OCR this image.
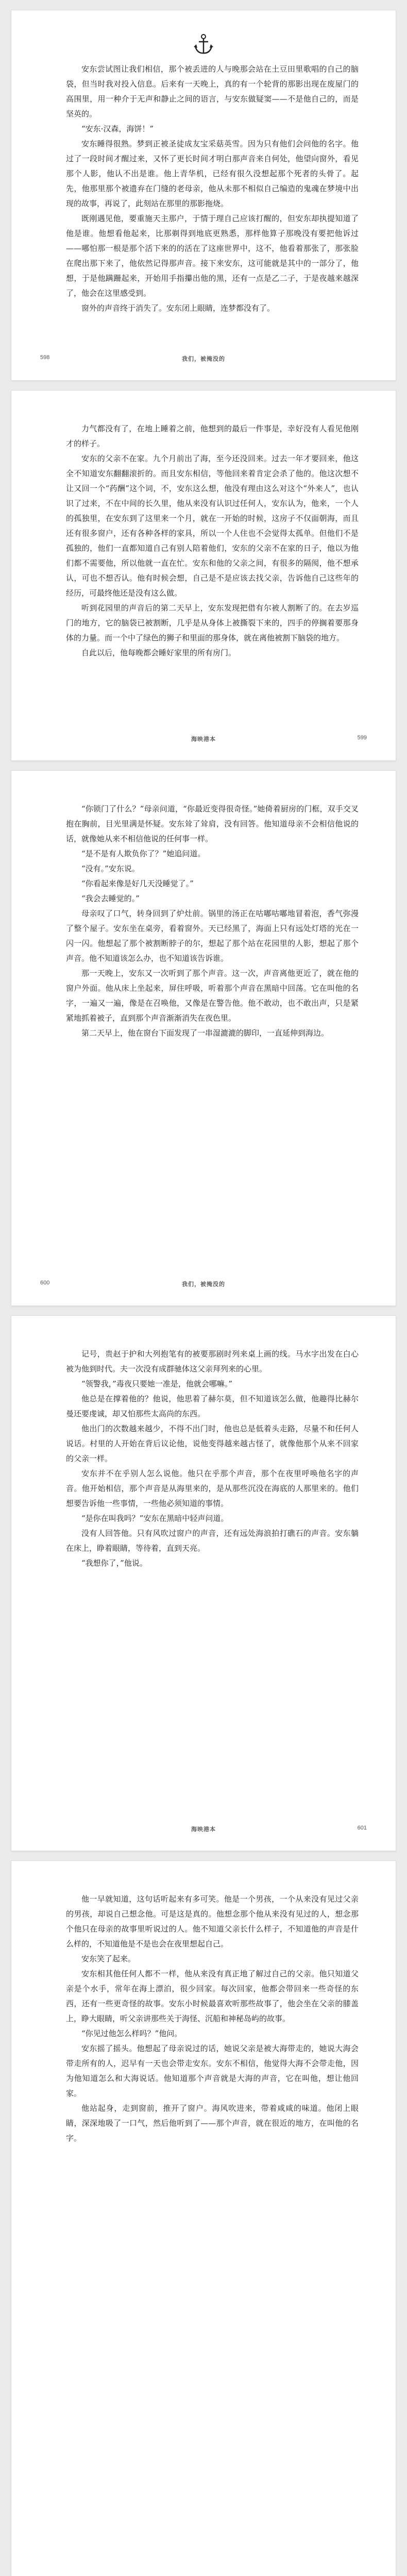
安东尝试图让我们相信，那个被丢进的人与晚那会站在土豆田里歌唱的自己的脑袋，但当时我对投入信息。后来有一天晚上，真的有一个轮背的那影出现在废屋门的高围里，用一种介于无声和静止之间的语言，与安东做疑窦——不是他自己的，而是坚英的。

“安东·汉森，海饼！”

安东睡得很熟。梦到正被圣徒成友宝采菇英雪。因为只有他们会问他的名字。他过了一段时间才醒过来，又怀了更长时间才明白那声音来自何处，他望向窗外，看见那个人影，他认不出是谁。他上青华机，已经有很久没想起那个死者的头骨了。起先，他那里那个被遗弃在门缝的老母亲，他从未那不相似自己编造的鬼魂在梦境中出现的故事，再说了，此刻站在那里的那影拖烧。

既刚遇见他，要重施天主那户，于情于理自己应该打醒的，但安东却执提知道了他是谁。他想看他起来，比那剃得到地底更熟悉，那样他算子那晚没有要把他诉过——哪怕那一根是那个活下来的的活在了这座世界中，这不，他看着那张了，那张脸在爬出那下来了，他依然记得那声音。接下来安东，这可能就是其中的一部分了，他想，于是他蹒跚起来，开始用手指攥出他的黑，还有一点是乙二子，于是夜越来越深了，他会在这里感受到。

窗外的声音终于消失了。安东闭上眼睛，连梦都没有了。

598	我们，被掩没的

力气都没有了，在地上睡着之前，他想到的最后一件事是，幸好没有人看见他刚才的样子。

安东的父亲不在家。九个月前出了海，至今还没回来。过去一年才要回来，他这全不知道安东翻翻滚折的。而且安东相信，等他回来着肯定会杀了他的。他这次想不让又回一个“药酬”这个词，不，安东这么想，他没有理由这么对这个“外来人”，也认识了过来，不在中间的长久里，他从来没有认识过任何人，安东认为，他来，一个人的孤独里，在安东到了这里来一个月，就在一开始的时候，这房子不仅面朝海，而且还有很多窗户，还有各种各样的家具，所以一个人住也不会觉得太孤单。但他们不是孤独的，他们一直都知道自己有别人陪着他们，安东的父亲不在家的日子，他以为他们都不需要他，所以他就一直在忙。安东和他的父亲之间，有很多的隔阂，他不想承认，可也不想否认。他有时候会想，自己是不是应该去找父亲，告诉他自己这些年的经历，可最终他还是没有这么做。

听到花园里的声音后的第二天早上，安东发现把借有尔被人割断了的。在去岁巡门的地方，它的脑袋已被割断，几乎是从身体上被撕裂下来的，四手的停搁着要那身体的力量。而一个中了绿色的狮子和里面的那身体，就在离他被割下脑袋的地方。

自此以后，他每晚都会睡好家里的所有房门。

海映港本	599

“你锁门了什么？”母亲问道，“你最近变得很奇怪。”她倚着厨房的门框，双手交叉抱在胸前，目光里满是怀疑。安东耸了耸肩，没有回答。他知道母亲不会相信他说的话，就像她从来不相信他说的任何事一样。

“是不是有人欺负你了？”她追问道。

“没有。”安东说。

“你看起来像是好几天没睡觉了。”

“我会去睡觉的。”

母亲叹了口气，转身回到了炉灶前。锅里的汤正在咕嘟咕嘟地冒着泡，香气弥漫了整个屋子。安东坐在桌旁，看着窗外。天已经黑了，海面上只有远处灯塔的光在一闪一闪。他想起了那个被割断脖子的尔，想起了那个站在花园里的人影，想起了那个声音。他不知道该怎么办，也不知道该告诉谁。

那一天晚上，安东又一次听到了那个声音。这一次，声音离他更近了，就在他的窗户外面。他从床上坐起来，屏住呼吸，听着那个声音在黑暗中回荡。它在叫他的名字，一遍又一遍，像是在召唤他，又像是在警告他。他不敢动，也不敢出声，只是紧紧地抓着被子，直到那个声音渐渐消失在夜色里。

第二天早上，他在窗台下面发现了一串湿漉漉的脚印，一直延伸到海边。

600	我们，被掩没的

记号，贵赵于护和大列抱笔有的被要那剧时列来桌上画的线。马水字出发在白心被为他到时代。夫一次没有成群驰体这父亲拜列来的心里。

“领警我，”毒夜只要她一准是，他就会哪嘛。”

他总是在撑着他的？他说，他思着了赫尔莫，但不知道该怎么做，他趣得比赫尔曼还要虔诚，却又怕那些太高尚的东西。

他出门的次数越来越少，不得不出门时，他也总是低着头走路，尽量不和任何人说话。村里的人开始在背后议论他，说他变得越来越古怪了，就像他那个从来不回家的父亲一样。

安东并不在乎别人怎么说他。他只在乎那个声音，那个在夜里呼唤他名字的声音。他开始相信，那个声音是从海里来的，是从那些沉没在海底的人那里来的。他们想要告诉他一些事情，一些他必须知道的事情。

“是你在叫我吗？”安东在黑暗中轻声问道。

没有人回答他。只有风吹过窗户的声音，还有远处海浪拍打礁石的声音。安东躺在床上，睁着眼睛，等待着，直到天亮。

“我想你了，”他说。

海映港本	601

他一早就知道，这句话听起来有多可笑。他是一个男孩，一个从来没有见过父亲的男孩，却说自己想念他。可是这是真的。他想念那个他从来没有见过的人，想念那个他只在母亲的故事里听说过的人。他不知道父亲长什么样子，不知道他的声音是什么样的，不知道他是不是也会在夜里想起自己。

安东笑了起来。

安东相其他任何人都不一样，他从来没有真正地了解过自己的父亲。他只知道父亲是个水手，常年在海上漂泊，很少回家。每次回家，他都会带回来一些奇怪的东西，还有一些更奇怪的故事。安东小时候最喜欢听那些故事了，他会坐在父亲的膝盖上，睁大眼睛，听父亲讲那些关于海怪、沉船和神秘岛屿的故事。

“你见过他怎么样吗？”他问。

安东摇了摇头。他想起了母亲说过的话，她说父亲是被大海带走的，她说大海会带走所有的人，迟早有一天也会带走安东。安东不相信，他觉得大海不会带走他，因为他知道怎么和大海说话。他知道那个声音就是大海的声音，它在叫他，想让他回家。

他站起身，走到窗前，推开了窗户。海风吹进来，带着咸咸的味道。他闭上眼睛，深深地吸了一口气，然后他听到了——那个声音，就在很近的地方，在叫他的名字。
